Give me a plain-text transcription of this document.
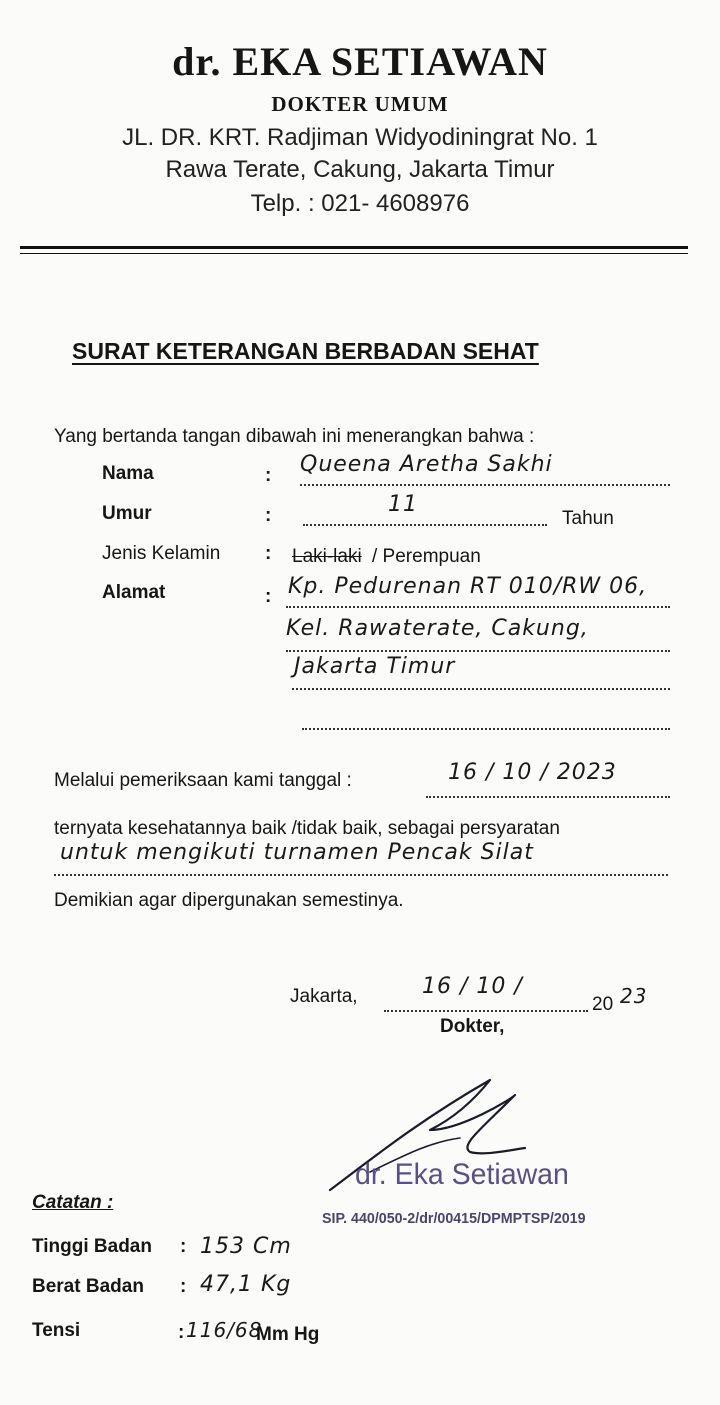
dr. EKA SETIAWAN
DOKTER UMUM
JL. DR. KRT. Radjiman Widyodiningrat No. 1
Rawa Terate, Cakung, Jakarta Timur
Telp. : 021- 4608976
SURAT KETERANGAN BERBADAN SEHAT
Yang bertanda tangan dibawah ini menerangkan bahwa :
Nama	: Queena Aretha Sakhi
Umur	:	11
Tahun
Jenis Kelamin : Laki-laki / Perempuan
Alamat	: Kp. Pedurenan RT 010/RW 06,
Kel. Rawaterate, Cakung,
Jakarta Timur
Melalui pemeriksaan kami tanggal :	16 / 10 / 2023
ternyata kesehatannya baik /tidak baik, sebagai persyaratan
untuk mengikuti turnamen Pencak Silat
Demikian agar dipergunakan semestinya.
Jakarta,	16 / 10 /
20 23
Dokter,
dr. Eka Setiawan
SIP. 440/050-2/dr/00415/DPMPTSP/2019
Catatan :
Tinggi Badan : 153 Cm
Berat Badan : 47,1 Kg
Tensi	: 116/68
Mm Hg
